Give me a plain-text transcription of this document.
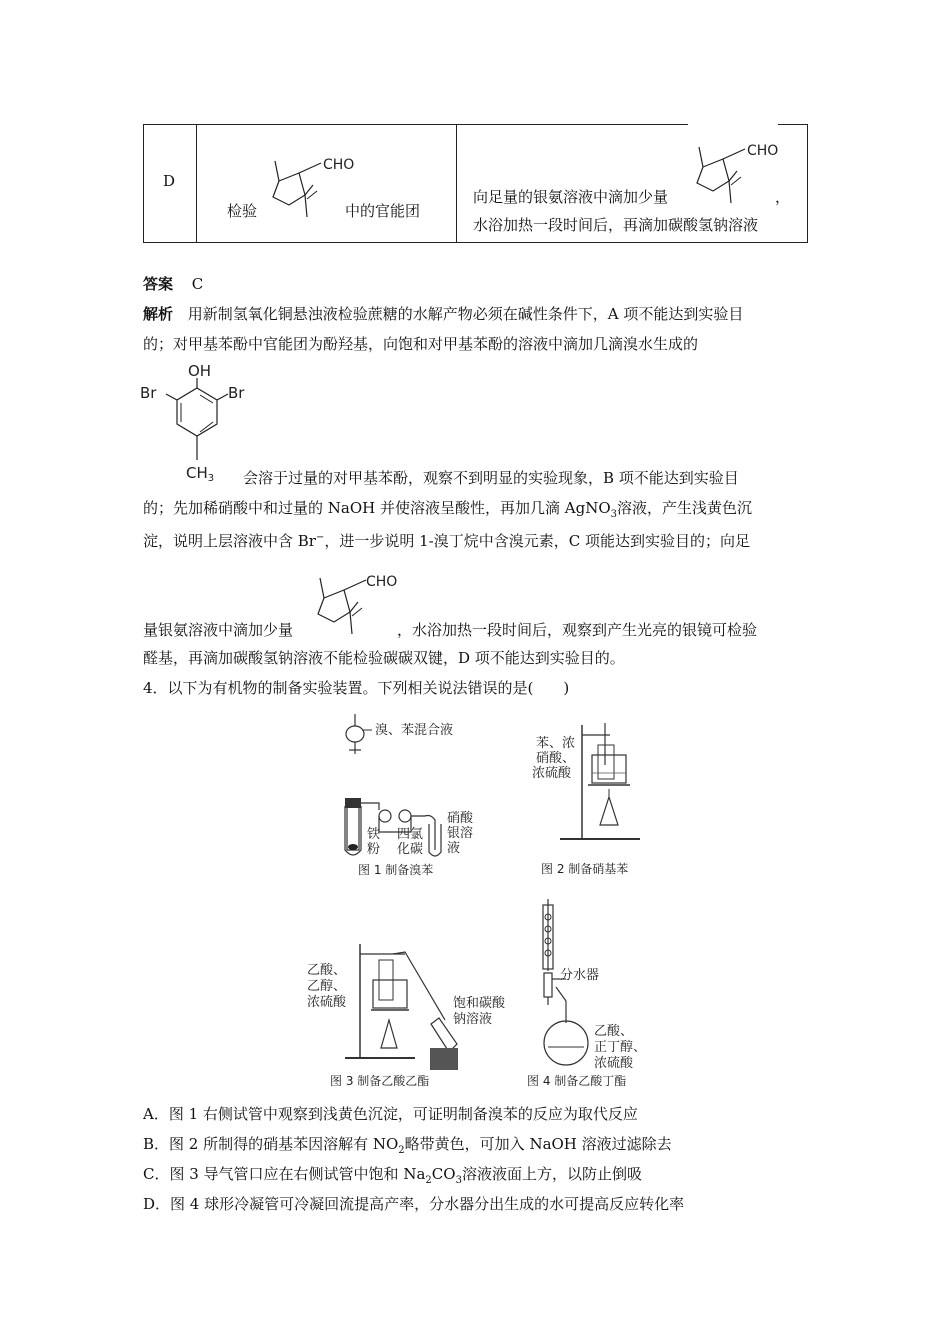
D

CHO
检验	中的官能团

CHO
向足量的银氨溶液中滴加少量	，
水浴加热一段时间后，再滴加碳酸氢钠溶液
答案 C
解析 用新制氢氧化铜悬浊液检验蔗糖的水解产物必须在碱性条件下，A 项不能达到实验目
的；对甲基苯酚中官能团为酚羟基，向饱和对甲基苯酚的溶液中滴加几滴溴水生成的
OH
Br	Br
$CH_3$ 会溶于过量的对甲基苯酚，观察不到明显的实验现象，B 项不能达到实验目
的；先加稀硝酸中和过量的 NaOH 并使溶液呈酸性，再加几滴 AgNO$_3$溶液，产生浅黄色沉
淀，说明上层溶液中含 Br−，进一步说明 1-溴丁烷中含溴元素，C 项能达到实验目的；向足
CHO
量银氨溶液中滴加少量	，水浴加热一段时间后，观察到产生光亮的银镜可检验
醛基，再滴加碳酸氢钠溶液不能检验碳碳双键，D 项不能达到实验目的。
4．以下为有机物的制备实验装置。下列相关说法错误的是(　　)
溴、苯混合液
铁
粉
四氯
化碳
硝酸
银溶
液
图 1 制备溴苯
苯、浓
硝酸、
浓硫酸
图 2 制备硝基苯
乙酸、
乙醇、
浓硫酸	饱和碳酸
钠溶液
图 3 制备乙酸乙酯
分水器
乙酸、
正丁醇、
浓硫酸
图 4 制备乙酸丁酯
A．图 1 右侧试管中观察到浅黄色沉淀，可证明制备溴苯的反应为取代反应
B．图 2 所制得的硝基苯因溶解有 $NO_2$略带黄色，可加入 NaOH 溶液过滤除去
C．图 3 导气管口应在右侧试管中饱和 $Na_2CO_3$溶液液面上方，以防止倒吸
D．图 4 球形冷凝管可冷凝回流提高产率，分水器分出生成的水可提高反应转化率
